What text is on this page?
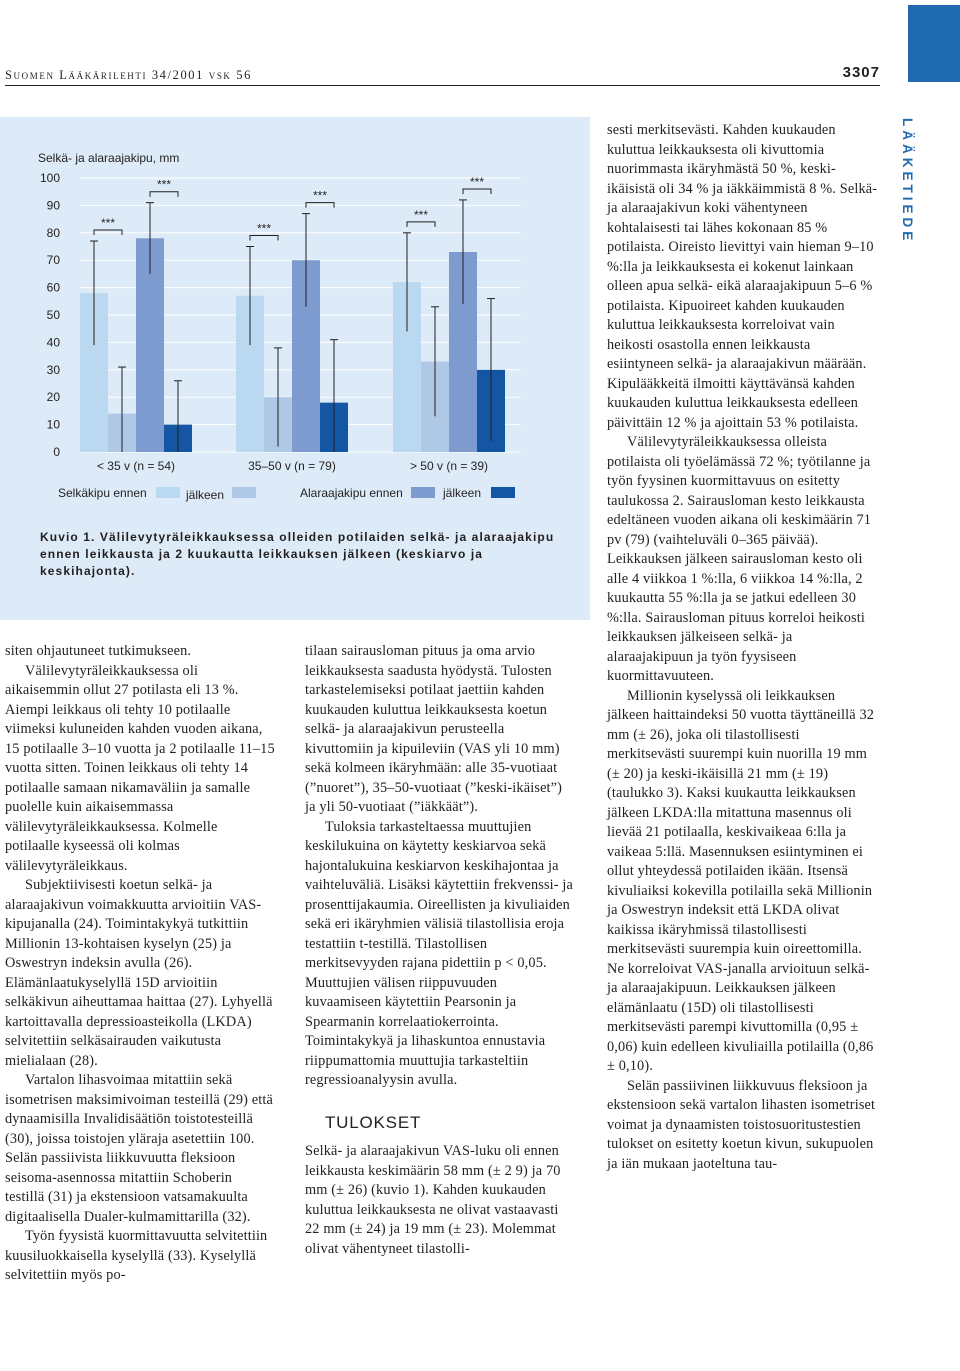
LÄÄKETIEDE
Suomen Lääkärilehti 34/2001 vsk 56	3307
Selkä- ja alaraajakipu, mm
0
10
20
30
40
50
60
70
80
90
100
< 35 v (n = 54)	35–50 v (n = 79)	> 50 v (n = 39)
***
***
***
***
***
***
Selkäkipu ennen	jälkeen	Alaraajakipu ennen	jälkeen
Kuvio 1. Välilevytyräleikkauksessa olleiden potilaiden selkä- ja alaraajakipu ennen leikkausta ja 2 kuukautta leikkauksen jälkeen (keskiarvo ja keskihajonta).

siten ohjautuneet tutkimukseen.

Välilevytyräleikkauksessa oli aikaisemmin ollut 27 potilasta eli 13 %. Aiempi leikkaus oli tehty 10 potilaalle viimeksi kuluneiden kahden vuoden aikana, 15 potilaalle 3–10 vuotta ja 2 potilaalle 11–15 vuotta sitten. Toinen leikkaus oli tehty 14 potilaalle samaan nikamaväliin ja samalle puolelle kuin aikaisemmassa välilevytyräleikkauksessa. Kolmelle potilaalle kyseessä oli kolmas välilevytyräleikkaus.

Subjektiivisesti koetun selkä- ja alaraajakivun voimakkuutta arvioitiin VAS-kipujanalla (24). Toimintakykyä tutkittiin Millionin 13-kohtaisen kyselyn (25) ja Oswestryn indeksin avulla (26). Elämänlaatukyselyllä 15D arvioitiin selkäkivun aiheuttamaa haittaa (27). Lyhyellä kartoittavalla depressioasteikolla (LKDA) selvitettiin selkäsairauden vaikutusta mielialaan (28).

Vartalon lihasvoimaa mitattiin sekä isometrisen maksimivoiman testeillä (29) että dynaamisilla Invalidisäätiön toistotesteillä (30), joissa toistojen yläraja asetettiin 100. Selän passiivista liikkuvuutta fleksioon seisoma-asennossa mitattiin Schoberin testillä (31) ja ekstensioon vatsamakuulta digitaalisella Dualer-kulmamittarilla (32).

Työn fyysistä kuormittavuutta selvitettiin kuusiluokkaisella kyselyllä (33). Kyselyllä selvitettiin myös po-

tilaan sairausloman pituus ja oma arvio leikkauksesta saadusta hyödystä. Tulosten tarkastelemiseksi potilaat jaettiin kahden kuukauden kuluttua leikkauksesta koetun selkä- ja alaraajakivun perusteella kivuttomiin ja kipuileviin (VAS yli 10 mm) sekä kolmeen ikäryhmään: alle 35-vuotiaat (”nuoret”), 35–50-vuotiaat (”keski-ikäiset”) ja yli 50-vuotiaat (”iäkkäät”).

Tuloksia tarkasteltaessa muuttujien keskilukuina on käytetty keskiarvoa sekä hajontalukuina keskiarvon keskihajontaa ja vaihteluväliä. Lisäksi käytettiin frekvenssi- ja prosenttijakaumia. Oireellisten ja kivuliaiden sekä eri ikäryhmien välisiä tilastollisia eroja testattiin t-testillä. Tilastollisen merkitsevyyden rajana pidettiin p < 0,05. Muuttujien välisen riippuvuuden kuvaamiseen käytettiin Pearsonin ja Spearmanin korrelaatiokerrointa. Toimintakykyä ja lihaskuntoa ennustavia riippumattomia muuttujia tarkasteltiin regressioanalyysin avulla.

TULOKSET

Selkä- ja alaraajakivun VAS-luku oli ennen leikkausta keskimäärin 58 mm (± 2 9) ja 70 mm (± 26) (kuvio 1). Kahden kuukauden kuluttua leikkauksesta ne olivat vastaavasti 22 mm (± 24) ja 19 mm (± 23). Molemmat olivat vähentyneet tilastolli-

sesti merkitsevästi. Kahden kuukauden kuluttua leikkauksesta oli kivuttomia nuorimmasta ikäryhmästä 50 %, keski-ikäisistä oli 34 % ja iäkkäimmistä 8 %. Selkä- ja alaraajakivun koki vähentyneen kohtalaisesti tai lähes kokonaan 85 % potilaista. Oireisto lievittyi vain hieman 9–10 %:lla ja leikkauksesta ei kokenut lainkaan olleen apua selkä- eikä alaraajakipuun 5–6 % potilaista. Kipuoireet kahden kuukauden kuluttua leikkauksesta korreloivat vain heikosti osastolla ennen leikkausta esiintyneen selkä- ja alaraajakivun määrään. Kipulääkkeitä ilmoitti käyttävänsä kahden kuukauden kuluttua leikkauksesta edelleen päivittäin 12 % ja ajoittain 53 % potilaista.

Välilevytyräleikkauksessa olleista potilaista oli työelämässä 72 %; työtilanne ja työn fyysinen kuormittavuus on esitetty taulukossa 2. Sairausloman kesto leikkausta edeltäneen vuoden aikana oli keskimäärin 71 pv (79) (vaihteluväli 0–365 päivää). Leikkauksen jälkeen sairausloman kesto oli alle 4 viikkoa 1 %:lla, 6 viikkoa 14 %:lla, 2 kuukautta 55 %:lla ja se jatkui edelleen 30 %:lla. Sairausloman pituus korreloi heikosti leikkauksen jälkeiseen selkä- ja alaraajakipuun ja työn fyysiseen kuormittavuuteen.

Millionin kyselyssä oli leikkauksen jälkeen haittaindeksi 50 vuotta täyttäneillä 32 mm (± 26), joka oli tilastollisesti merkitsevästi suurempi kuin nuorilla 19 mm (± 20) ja keski-ikäisillä 21 mm (± 19) (taulukko 3). Kaksi kuukautta leikkauksen jälkeen LKDA:lla mitattuna masennus oli lievää 21 potilaalla, keskivaikeaa 6:lla ja vaikeaa 5:llä. Masennuksen esiintyminen ei ollut yhteydessä potilaiden ikään. Itsensä kivuliaiksi kokevilla potilailla sekä Millionin ja Oswestryn indeksit että LKDA olivat kaikissa ikäryhmissä tilastollisesti merkitsevästi suurempia kuin oireettomilla. Ne korreloivat VAS-janalla arvioituun selkä- ja alaraajakipuun. Leikkauksen jälkeen elämänlaatu (15D) oli tilastollisesti merkitsevästi parempi kivuttomilla (0,95 ± 0,06) kuin edelleen kivuliailla potilailla (0,86 ± 0,10).

Selän passiivinen liikkuvuus fleksioon ja ekstensioon sekä vartalon lihasten isometriset voimat ja dynaamisten toistosuoritustestien tulokset on esitetty koetun kivun, sukupuolen ja iän mukaan jaoteltuna tau-
